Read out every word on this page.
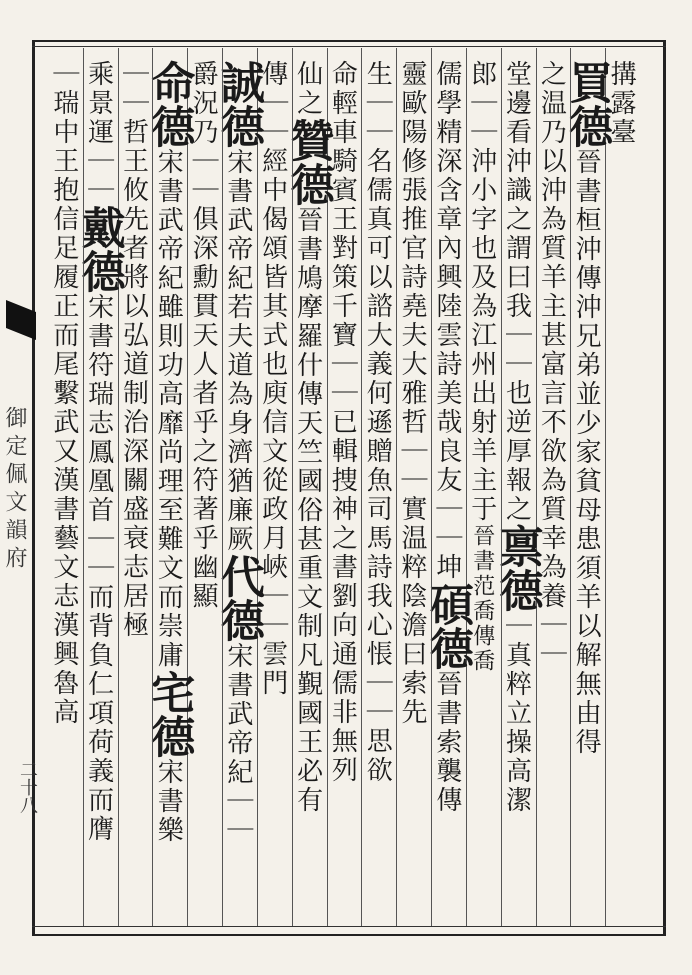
御定佩文韻府
二十八
搆露臺
買德晉書桓沖傳沖兄弟並少家貧母患須羊以解無由得
之温乃以沖為質羊主甚富言不欲為質幸為養｜｜
堂邊看沖識之謂曰我｜｜也逆厚報之禀德｜真粹立操高潔
郎｜｜沖小字也及為江州出射羊主于晉書范喬傳喬
儒學精深含章內興陸雲詩美哉良友｜｜坤碩德晉書索襲傳
靈歐陽修張推官詩堯夫大雅哲｜｜實温粹陰澹曰索先
生｜｜名儒真可以諮大義何遜贈魚司馬詩我心悵｜｜思欲
命輕車騎賓王對策千寶｜｜已輯捜神之書劉向通儒非無列
仙之贊德晉書鳩摩羅什傳天竺國俗甚重文制凡覲國王必有
傳｜｜經中偈頌皆其式也庾信文從政月峽｜｜雲門
誠德宋書武帝紀若夫道為身濟猶廉厥代德宋書武帝紀｜｜
爵況乃｜｜俱深勳貫天人者乎之符著乎幽顯
命德宋書武帝紀雖則功高靡尚理至難文而崇庸宅德宋書樂
｜｜哲王攸先者將以弘道制治深關盛衰志居極
乘景運｜｜戴德宋書符瑞志鳳凰首｜｜而背負仁項荷義而膺
｜瑞中王抱信足履正而尾繫武又漢書藝文志漢興魯高
